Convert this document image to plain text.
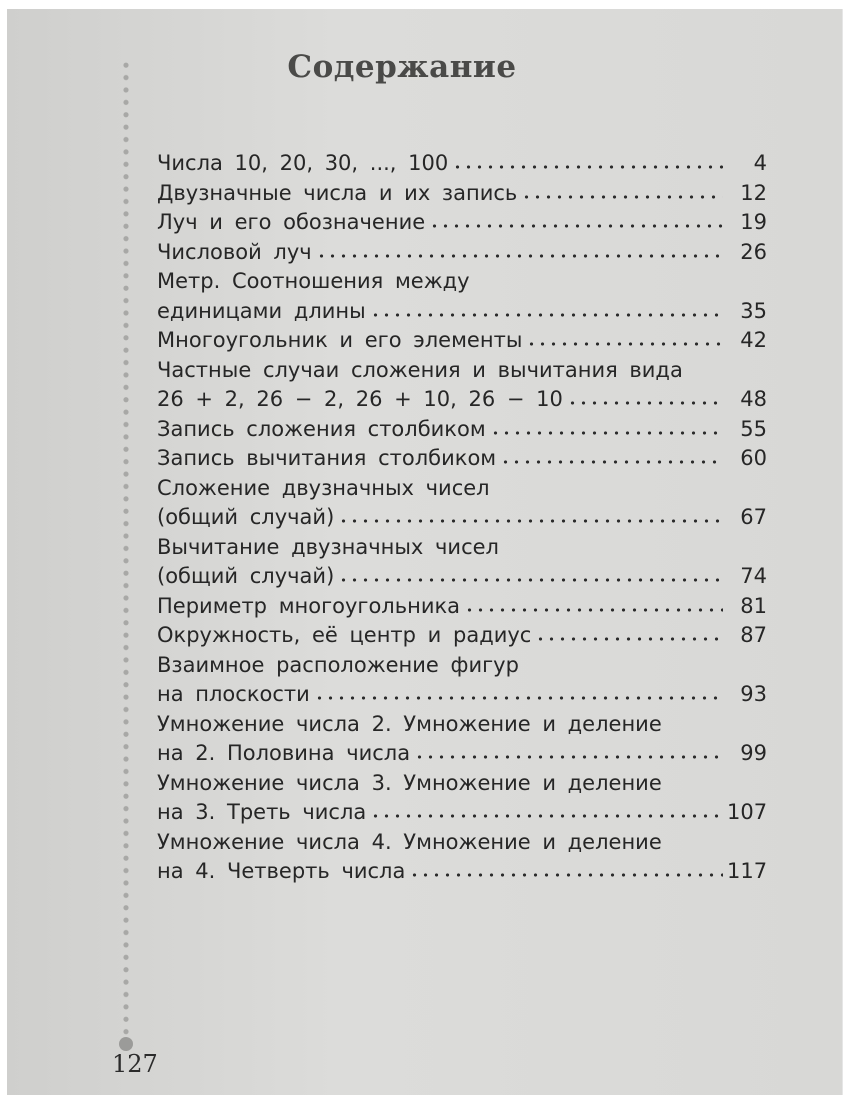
Содержание
Числа 10, 20, 30, ..., 100	4
Двузначные числа и их запись	12
Луч и его обозначение	19
Числовой луч	26
Метр. Соотношения между
единицами длины	35
Многоугольник и его элементы	42
Частные случаи сложения и вычитания вида
26 + 2, 26 − 2, 26 + 10, 26 − 10	48
Запись сложения столбиком	55
Запись вычитания столбиком	60
Сложение двузначных чисел
(общий случай)	67
Вычитание двузначных чисел
(общий случай)	74
Периметр многоугольника	81
Окружность, её центр и радиус	87
Взаимное расположение фигур
на плоскости	93
Умножение числа 2. Умножение и деление
на 2. Половина числа	99
Умножение числа 3. Умножение и деление
на 3. Треть числа	107
Умножение числа 4. Умножение и деление
на 4. Четверть числа	117
127
